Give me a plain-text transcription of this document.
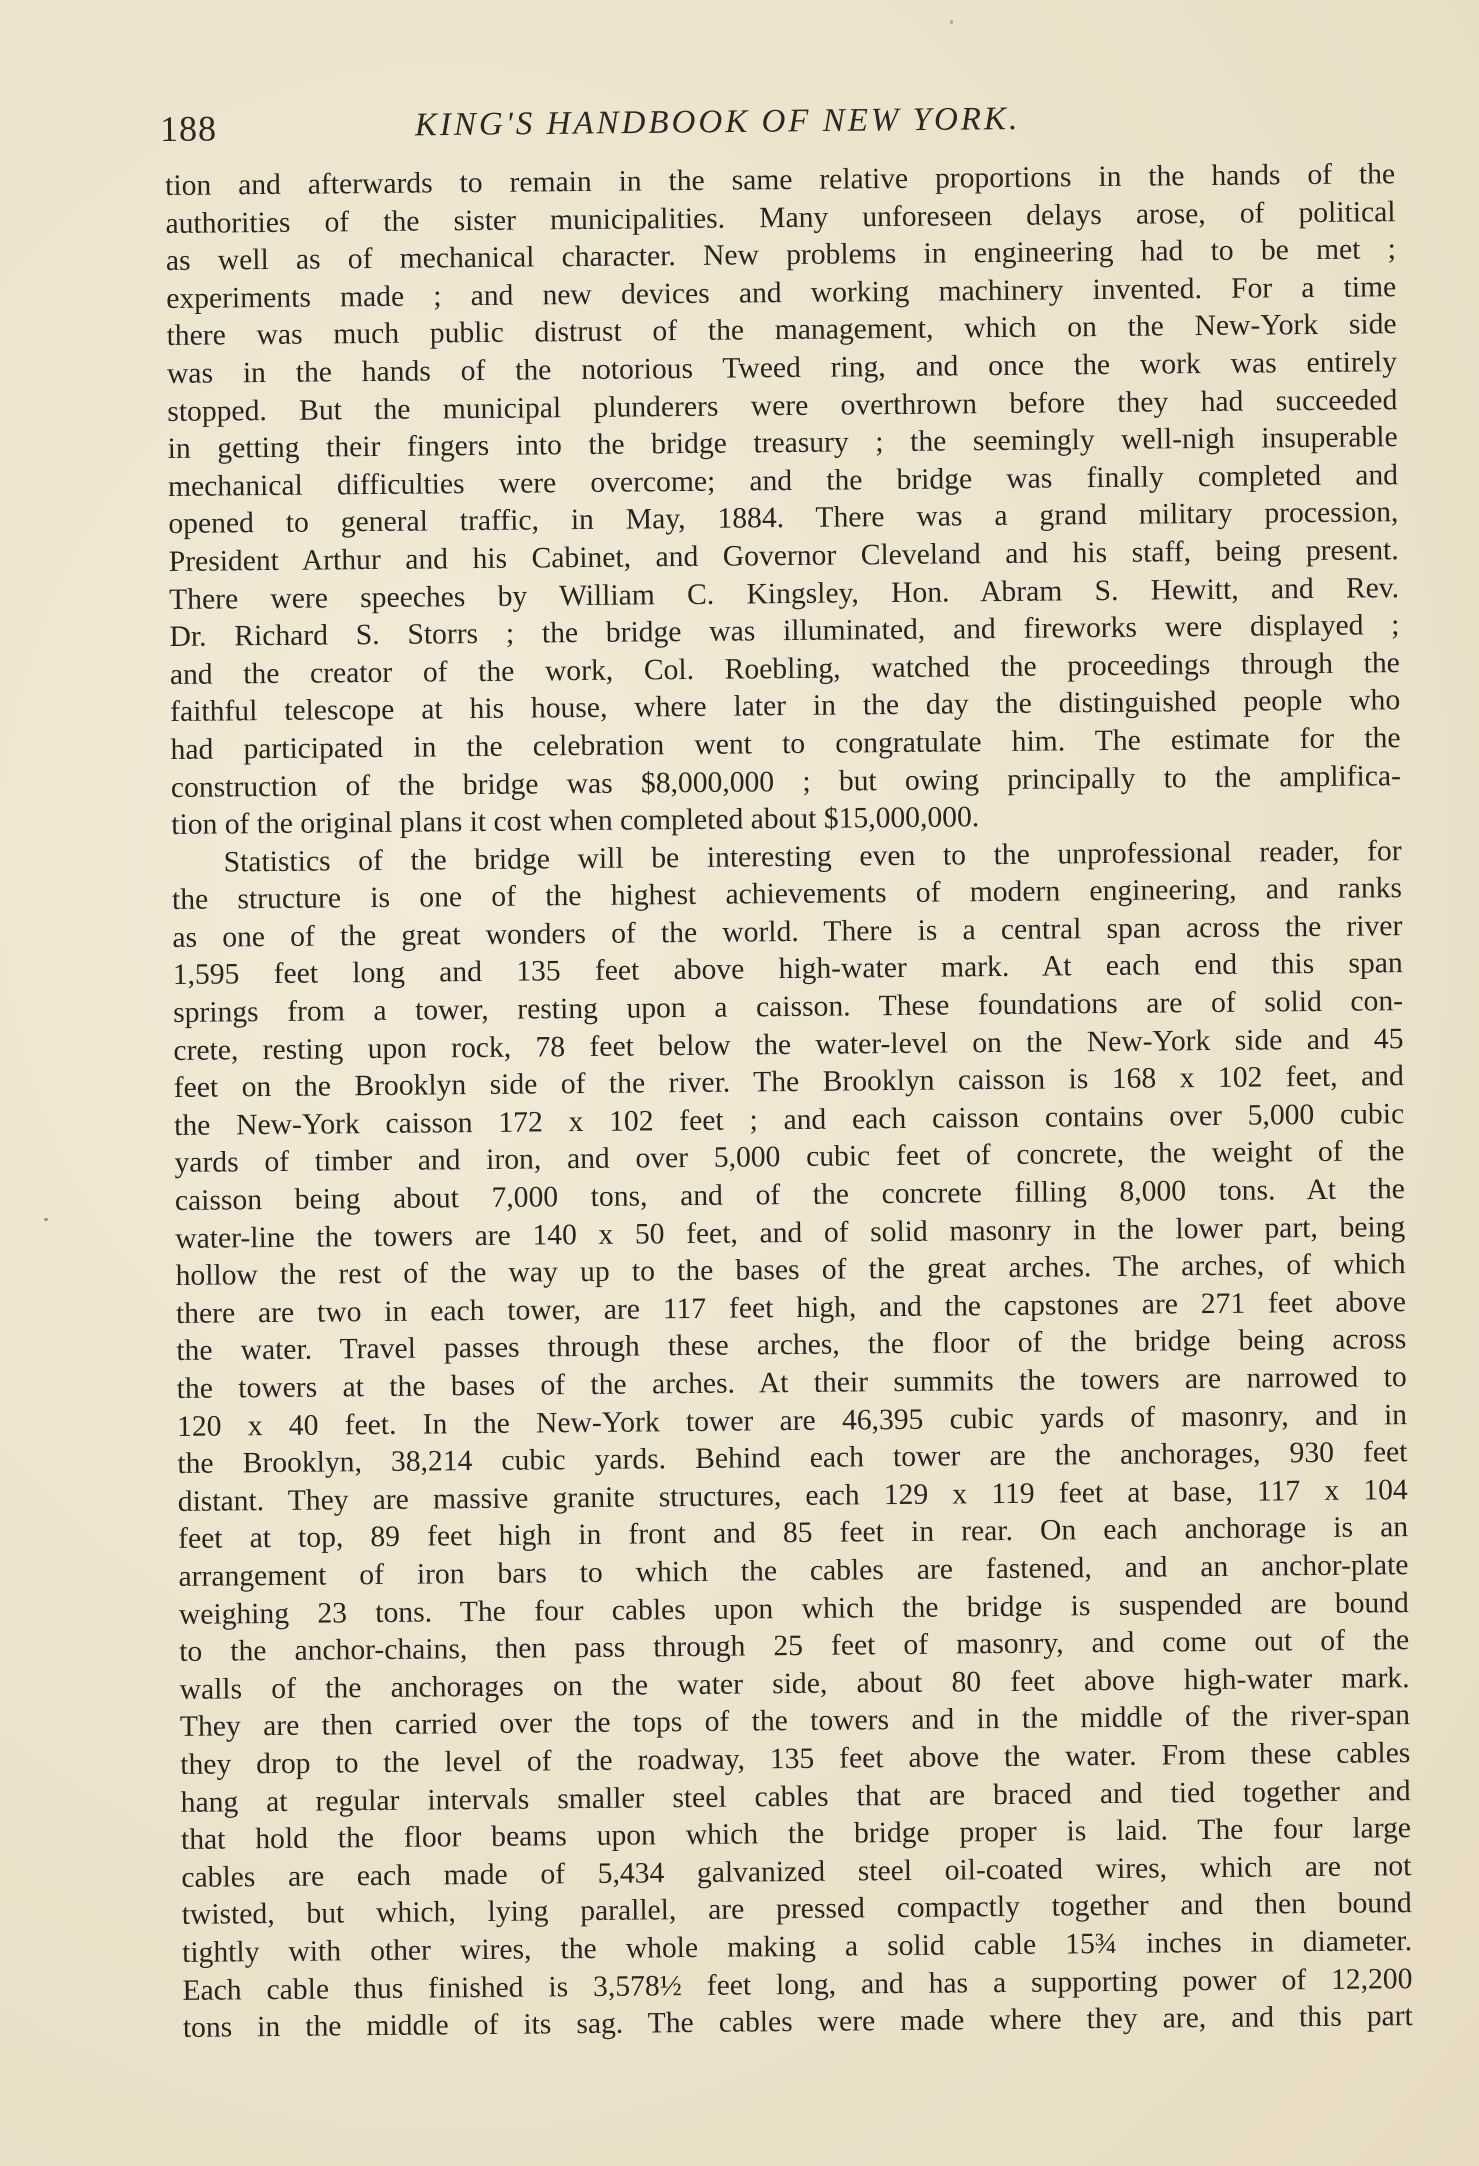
188	KING'S HANDBOOK OF NEW YORK.
tion and afterwards to remain in the same relative proportions in the hands of the
authorities of the sister municipalities. Many unforeseen delays arose, of political
as well as of mechanical character. New problems in engineering had to be met ;
experiments made ; and new devices and working machinery invented. For a time
there was much public distrust of the management, which on the New-York side
was in the hands of the notorious Tweed ring, and once the work was entirely
stopped. But the municipal plunderers were overthrown before they had succeeded
in getting their fingers into the bridge treasury ; the seemingly well-nigh insuperable
mechanical difficulties were overcome; and the bridge was finally completed and
opened to general traffic, in May, 1884. There was a grand military procession,
President Arthur and his Cabinet, and Governor Cleveland and his staff, being present.
There were speeches by William C. Kingsley, Hon. Abram S. Hewitt, and Rev.
Dr. Richard S. Storrs ; the bridge was illuminated, and fireworks were displayed ;
and the creator of the work, Col. Roebling, watched the proceedings through the
faithful telescope at his house, where later in the day the distinguished people who
had participated in the celebration went to congratulate him. The estimate for the
construction of the bridge was $8,000,000 ; but owing principally to the amplifica-
tion of the original plans it cost when completed about $15,000,000.
Statistics of the bridge will be interesting even to the unprofessional reader, for
the structure is one of the highest achievements of modern engineering, and ranks
as one of the great wonders of the world. There is a central span across the river
1,595 feet long and 135 feet above high-water mark. At each end this span
springs from a tower, resting upon a caisson. These foundations are of solid con-
crete, resting upon rock, 78 feet below the water-level on the New-York side and 45
feet on the Brooklyn side of the river. The Brooklyn caisson is 168 x 102 feet, and
the New-York caisson 172 x 102 feet ; and each caisson contains over 5,000 cubic
yards of timber and iron, and over 5,000 cubic feet of concrete, the weight of the
caisson being about 7,000 tons, and of the concrete filling 8,000 tons. At the
water-line the towers are 140 x 50 feet, and of solid masonry in the lower part, being
hollow the rest of the way up to the bases of the great arches. The arches, of which
there are two in each tower, are 117 feet high, and the capstones are 271 feet above
the water. Travel passes through these arches, the floor of the bridge being across
the towers at the bases of the arches. At their summits the towers are narrowed to
120 x 40 feet. In the New-York tower are 46,395 cubic yards of masonry, and in
the Brooklyn, 38,214 cubic yards. Behind each tower are the anchorages, 930 feet
distant. They are massive granite structures, each 129 x 119 feet at base, 117 x 104
feet at top, 89 feet high in front and 85 feet in rear. On each anchorage is an
arrangement of iron bars to which the cables are fastened, and an anchor-plate
weighing 23 tons. The four cables upon which the bridge is suspended are bound
to the anchor-chains, then pass through 25 feet of masonry, and come out of the
walls of the anchorages on the water side, about 80 feet above high-water mark.
They are then carried over the tops of the towers and in the middle of the river-span
they drop to the level of the roadway, 135 feet above the water. From these cables
hang at regular intervals smaller steel cables that are braced and tied together and
that hold the floor beams upon which the bridge proper is laid. The four large
cables are each made of 5,434 galvanized steel oil-coated wires, which are not
twisted, but which, lying parallel, are pressed compactly together and then bound
tightly with other wires, the whole making a solid cable 15¾ inches in diameter.
Each cable thus finished is 3,578½ feet long, and has a supporting power of 12,200
tons in the middle of its sag. The cables were made where they are, and this part
